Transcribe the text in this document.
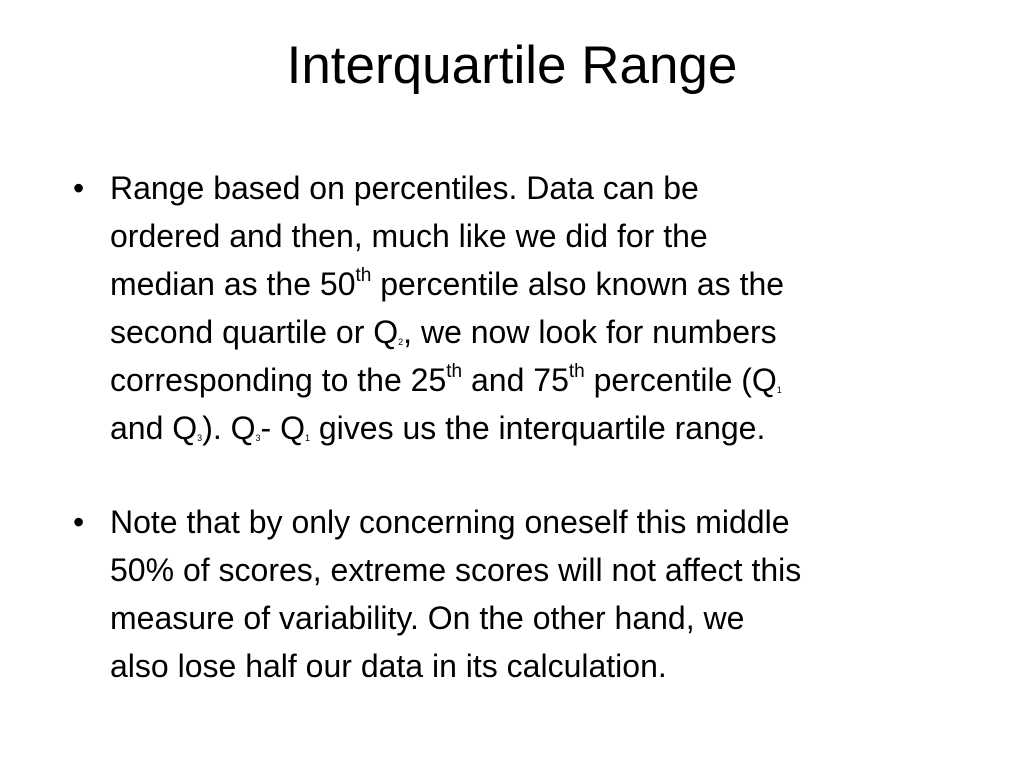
Interquartile Range
• Range based on percentiles. Data can be
ordered and then, much like we did for the
median as the 50th percentile also known as the
second quartile or $Q_2$, we now look for numbers
corresponding to the 25th and 75th percentile ($Q_1$
and $Q_3$). $Q_3-$ $Q_1$ gives us the interquartile range.
• Note that by only concerning oneself this middle
50% of scores, extreme scores will not affect this
measure of variability. On the other hand, we
also lose half our data in its calculation.
